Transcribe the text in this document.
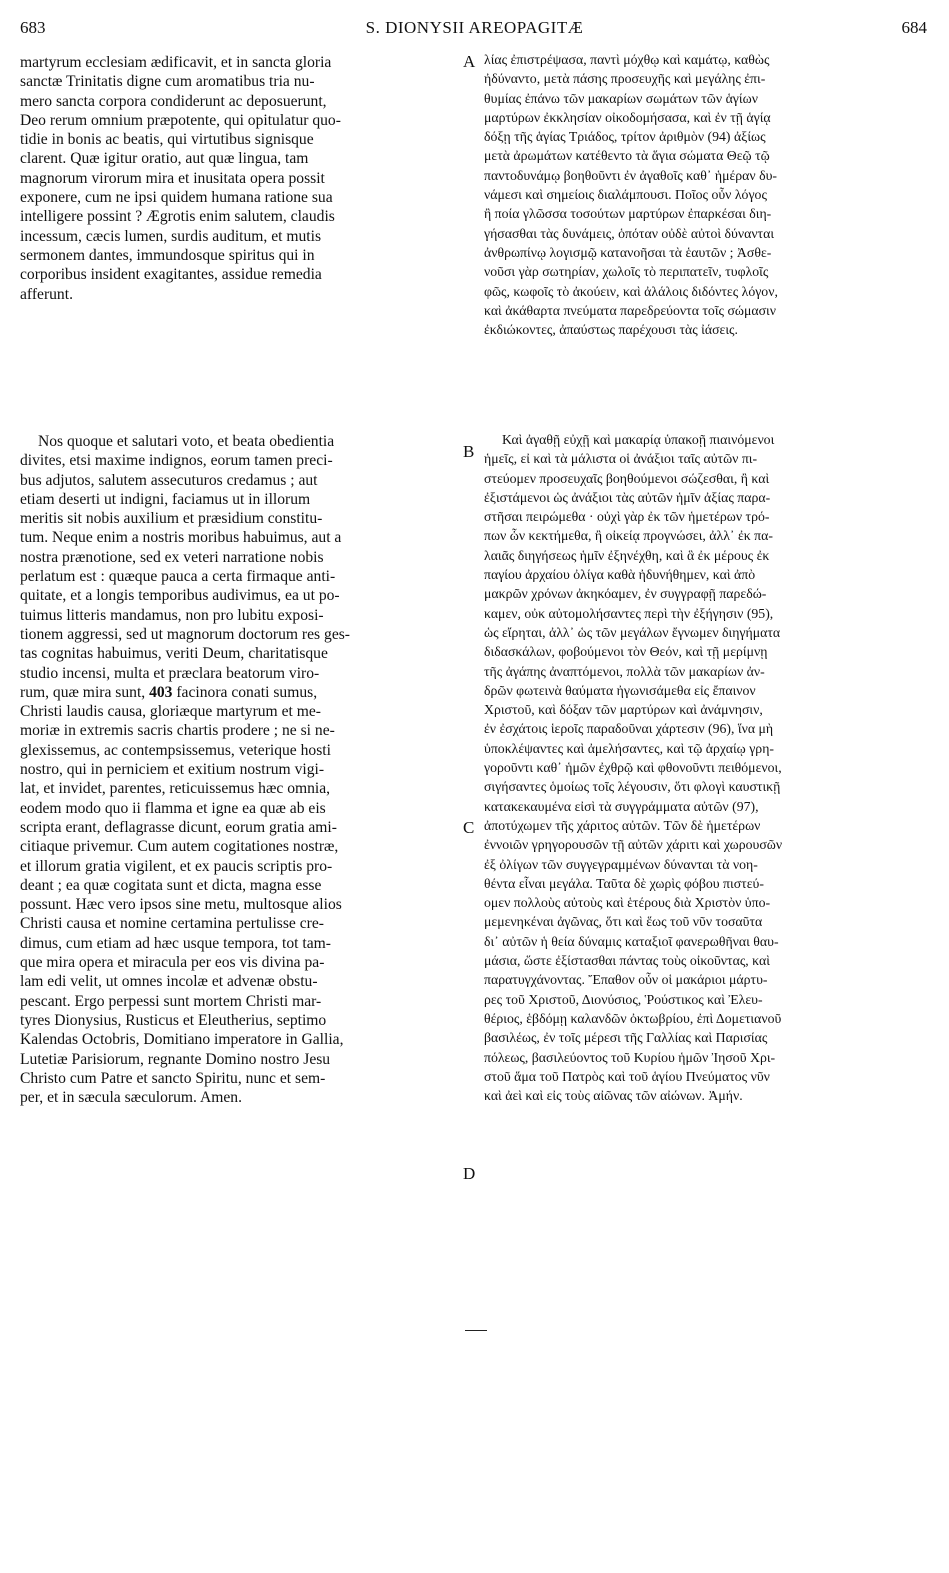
683	S. DIONYSII AREOPAGITÆ	684
martyrum ecclesiam ædificavit, et in sancta gloria
sanctæ Trinitatis digne cum aromatibus tria nu-
mero sancta corpora condiderunt ac deposuerunt,
Deo rerum omnium præpotente, qui opitulatur quo-
tidie in bonis ac beatis, qui virtutibus signisque
clarent. Quæ igitur oratio, aut quæ lingua, tam
magnorum virorum mira et inusitata opera possit
exponere, cum ne ipsi quidem humana ratione sua
intelligere possint ? Ægrotis enim salutem, claudis
incessum, cæcis lumen, surdis auditum, et mutis
sermonem dantes, immundosque spiritus qui in
corporibus insident exagitantes, assidue remedia
afferunt.
Nos quoque et salutari voto, et beata obedientia
divites, etsi maxime indignos, eorum tamen preci-
bus adjutos, salutem assecuturos credamus ; aut
etiam deserti ut indigni, faciamus ut in illorum
meritis sit nobis auxilium et præsidium constitu-
tum. Neque enim a nostris moribus habuimus, aut a
nostra prænotione, sed ex veteri narratione nobis
perlatum est : quæque pauca a certa firmaque anti-
quitate, et a longis temporibus audivimus, ea ut po-
tuimus litteris mandamus, non pro lubitu exposi-
tionem aggressi, sed ut magnorum doctorum res ges-
tas cognitas habuimus, veriti Deum, charitatisque
studio incensi, multa et præclara beatorum viro-
rum, quæ mira sunt, 403 facinora conati sumus,
Christi laudis causa, gloriæque martyrum et me-
moriæ in extremis sacris chartis prodere ; ne si ne-
glexissemus, ac contempsissemus, veterique hosti
nostro, qui in perniciem et exitium nostrum vigi-
lat, et invidet, parentes, reticuissemus hæc omnia,
eodem modo quo ii flamma et igne ea quæ ab eis
scripta erant, deflagrasse dicunt, eorum gratia ami-
citiaque privemur. Cum autem cogitationes nostræ,
et illorum gratia vigilent, et ex paucis scriptis pro-
deant ; ea quæ cogitata sunt et dicta, magna esse
possunt. Hæc vero ipsos sine metu, multosque alios
Christi causa et nomine certamina pertulisse cre-
dimus, cum etiam ad hæc usque tempora, tot tam-
que mira opera et miracula per eos vis divina pa-
lam edi velit, ut omnes incolæ et advenæ obstu-
pescant. Ergo perpessi sunt mortem Christi mar-
tyres Dionysius, Rusticus et Eleutherius, septimo
Kalendas Octobris, Domitiano imperatore in Gallia,
Lutetiæ Parisiorum, regnante Domino nostro Jesu
Christo cum Patre et sancto Spiritu, nunc et sem-
per, et in sæcula sæculorum. Amen.
λίας ἐπιστρέψασα, παντὶ μόχθῳ καὶ καμάτῳ, καθὼς
ἠδύναντο, μετὰ πάσης προσευχῆς καὶ μεγάλης ἐπι-
θυμίας ἐπάνω τῶν μακαρίων σωμάτων τῶν ἁγίων
μαρτύρων ἐκκλησίαν οἰκοδομήσασα, καὶ ἐν τῇ ἁγίᾳ
δόξῃ τῆς ἁγίας Τριάδος, τρίτον ἀριθμὸν (94) ἀξίως
μετὰ ἀρωμάτων κατέθεντο τὰ ἅγια σώματα Θεῷ τῷ
παντοδυνάμῳ βοηθοῦντι ἐν ἀγαθοῖς καθ᾽ ἡμέραν δυ-
νάμεσι καὶ σημείοις διαλάμπουσι. Ποῖος οὖν λόγος
ἢ ποία γλῶσσα τοσούτων μαρτύρων ἐπαρκέσαι διη-
γήσασθαι τὰς δυνάμεις, ὁπόταν οὐδὲ αὐτοὶ δύνανται
ἀνθρωπίνῳ λογισμῷ κατανοῆσαι τὰ ἑαυτῶν ; Ἀσθε-
νοῦσι γὰρ σωτηρίαν, χωλοῖς τὸ περιπατεῖν, τυφλοῖς
φῶς, κωφοῖς τὸ ἀκούειν, καὶ ἀλάλοις διδόντες λόγον,
καὶ ἀκάθαρτα πνεύματα παρεδρεύοντα τοῖς σώμασιν
ἐκδιώκοντες, ἀπαύστως παρέχουσι τὰς ἰάσεις.
Καὶ ἀγαθῇ εὐχῇ καὶ μακαρίᾳ ὑπακοῇ πιαινόμενοι
ἡμεῖς, εἰ καὶ τὰ μάλιστα οἱ ἀνάξιοι ταῖς αὐτῶν πι-
στεύομεν προσευχαῖς βοηθούμενοι σώζεσθαι, ἢ καὶ
ἐξιστάμενοι ὡς ἀνάξιοι τὰς αὐτῶν ἡμῖν ἀξίας παρα-
στῆσαι πειρώμεθα · οὐχὶ γὰρ ἐκ τῶν ἡμετέρων τρό-
πων ὧν κεκτήμεθα, ἢ οἰκείᾳ προγνώσει, ἀλλ᾽ ἐκ πα-
λαιᾶς διηγήσεως ἡμῖν ἐξηνέχθη, καὶ ἃ ἐκ μέρους ἐκ
παγίου ἀρχαίου ὀλίγα καθὰ ἠδυνήθημεν, καὶ ἀπὸ
μακρῶν χρόνων ἀκηκόαμεν, ἐν συγγραφῇ παρεδώ-
καμεν, οὐκ αὐτομολήσαντες περὶ τὴν ἐξήγησιν (95),
ὡς εἴρηται, ἀλλ᾽ ὡς τῶν μεγάλων ἔγνωμεν διηγήματα
διδασκάλων, φοβούμενοι τὸν Θεόν, καὶ τῇ μερίμνῃ
τῆς ἀγάπης ἀναπτόμενοι, πολλὰ τῶν μακαρίων ἀν-
δρῶν φωτεινὰ θαύματα ἠγωνισάμεθα εἰς ἔπαινον
Χριστοῦ, καὶ δόξαν τῶν μαρτύρων καὶ ἀνάμνησιν,
ἐν ἐσχάτοις ἱεροῖς παραδοῦναι χάρτεσιν (96), ἵνα μὴ
ὑποκλέψαντες καὶ ἀμελήσαντες, καὶ τῷ ἀρχαίῳ γρη-
γοροῦντι καθ᾽ ἡμῶν ἐχθρῷ καὶ φθονοῦντι πειθόμενοι,
σιγήσαντες ὁμοίως τοῖς λέγουσιν, ὅτι φλογὶ καυστικῇ
κατακεκαυμένα εἰσὶ τὰ συγγράμματα αὐτῶν (97),
ἀποτύχωμεν τῆς χάριτος αὐτῶν. Τῶν δὲ ἡμετέρων
ἐννοιῶν γρηγορουσῶν τῇ αὐτῶν χάριτι καὶ χωρουσῶν
ἐξ ὀλίγων τῶν συγγεγραμμένων δύνανται τὰ νοη-
θέντα εἶναι μεγάλα. Ταῦτα δὲ χωρὶς φόβου πιστεύ-
ομεν πολλοὺς αὐτοὺς καὶ ἑτέρους διὰ Χριστὸν ὑπο-
μεμενηκέναι ἀγῶνας, ὅτι καὶ ἕως τοῦ νῦν τοσαῦτα
δι᾽ αὐτῶν ἡ θεία δύναμις καταξιοῖ φανερωθῆναι θαυ-
μάσια, ὥστε ἐξίστασθαι πάντας τοὺς οἰκοῦντας, καὶ
παρατυγχάνοντας. Ἔπαθον οὖν οἱ μακάριοι μάρτυ-
ρες τοῦ Χριστοῦ, Διονύσιος, Ῥούστικος καὶ Ἐλευ-
θέριος, ἑβδόμῃ καλανδῶν ὀκτωβρίου, ἐπὶ Δομετιανοῦ
βασιλέως, ἐν τοῖς μέρεσι τῆς Γαλλίας καὶ Παρισίας
πόλεως, βασιλεύοντος τοῦ Κυρίου ἡμῶν Ἰησοῦ Χρι-
στοῦ ἅμα τοῦ Πατρὸς καὶ τοῦ ἁγίου Πνεύματος νῦν
καὶ ἀεὶ καὶ εἰς τοὺς αἰῶνας τῶν αἰώνων. Ἀμήν.
A
B
C
D
